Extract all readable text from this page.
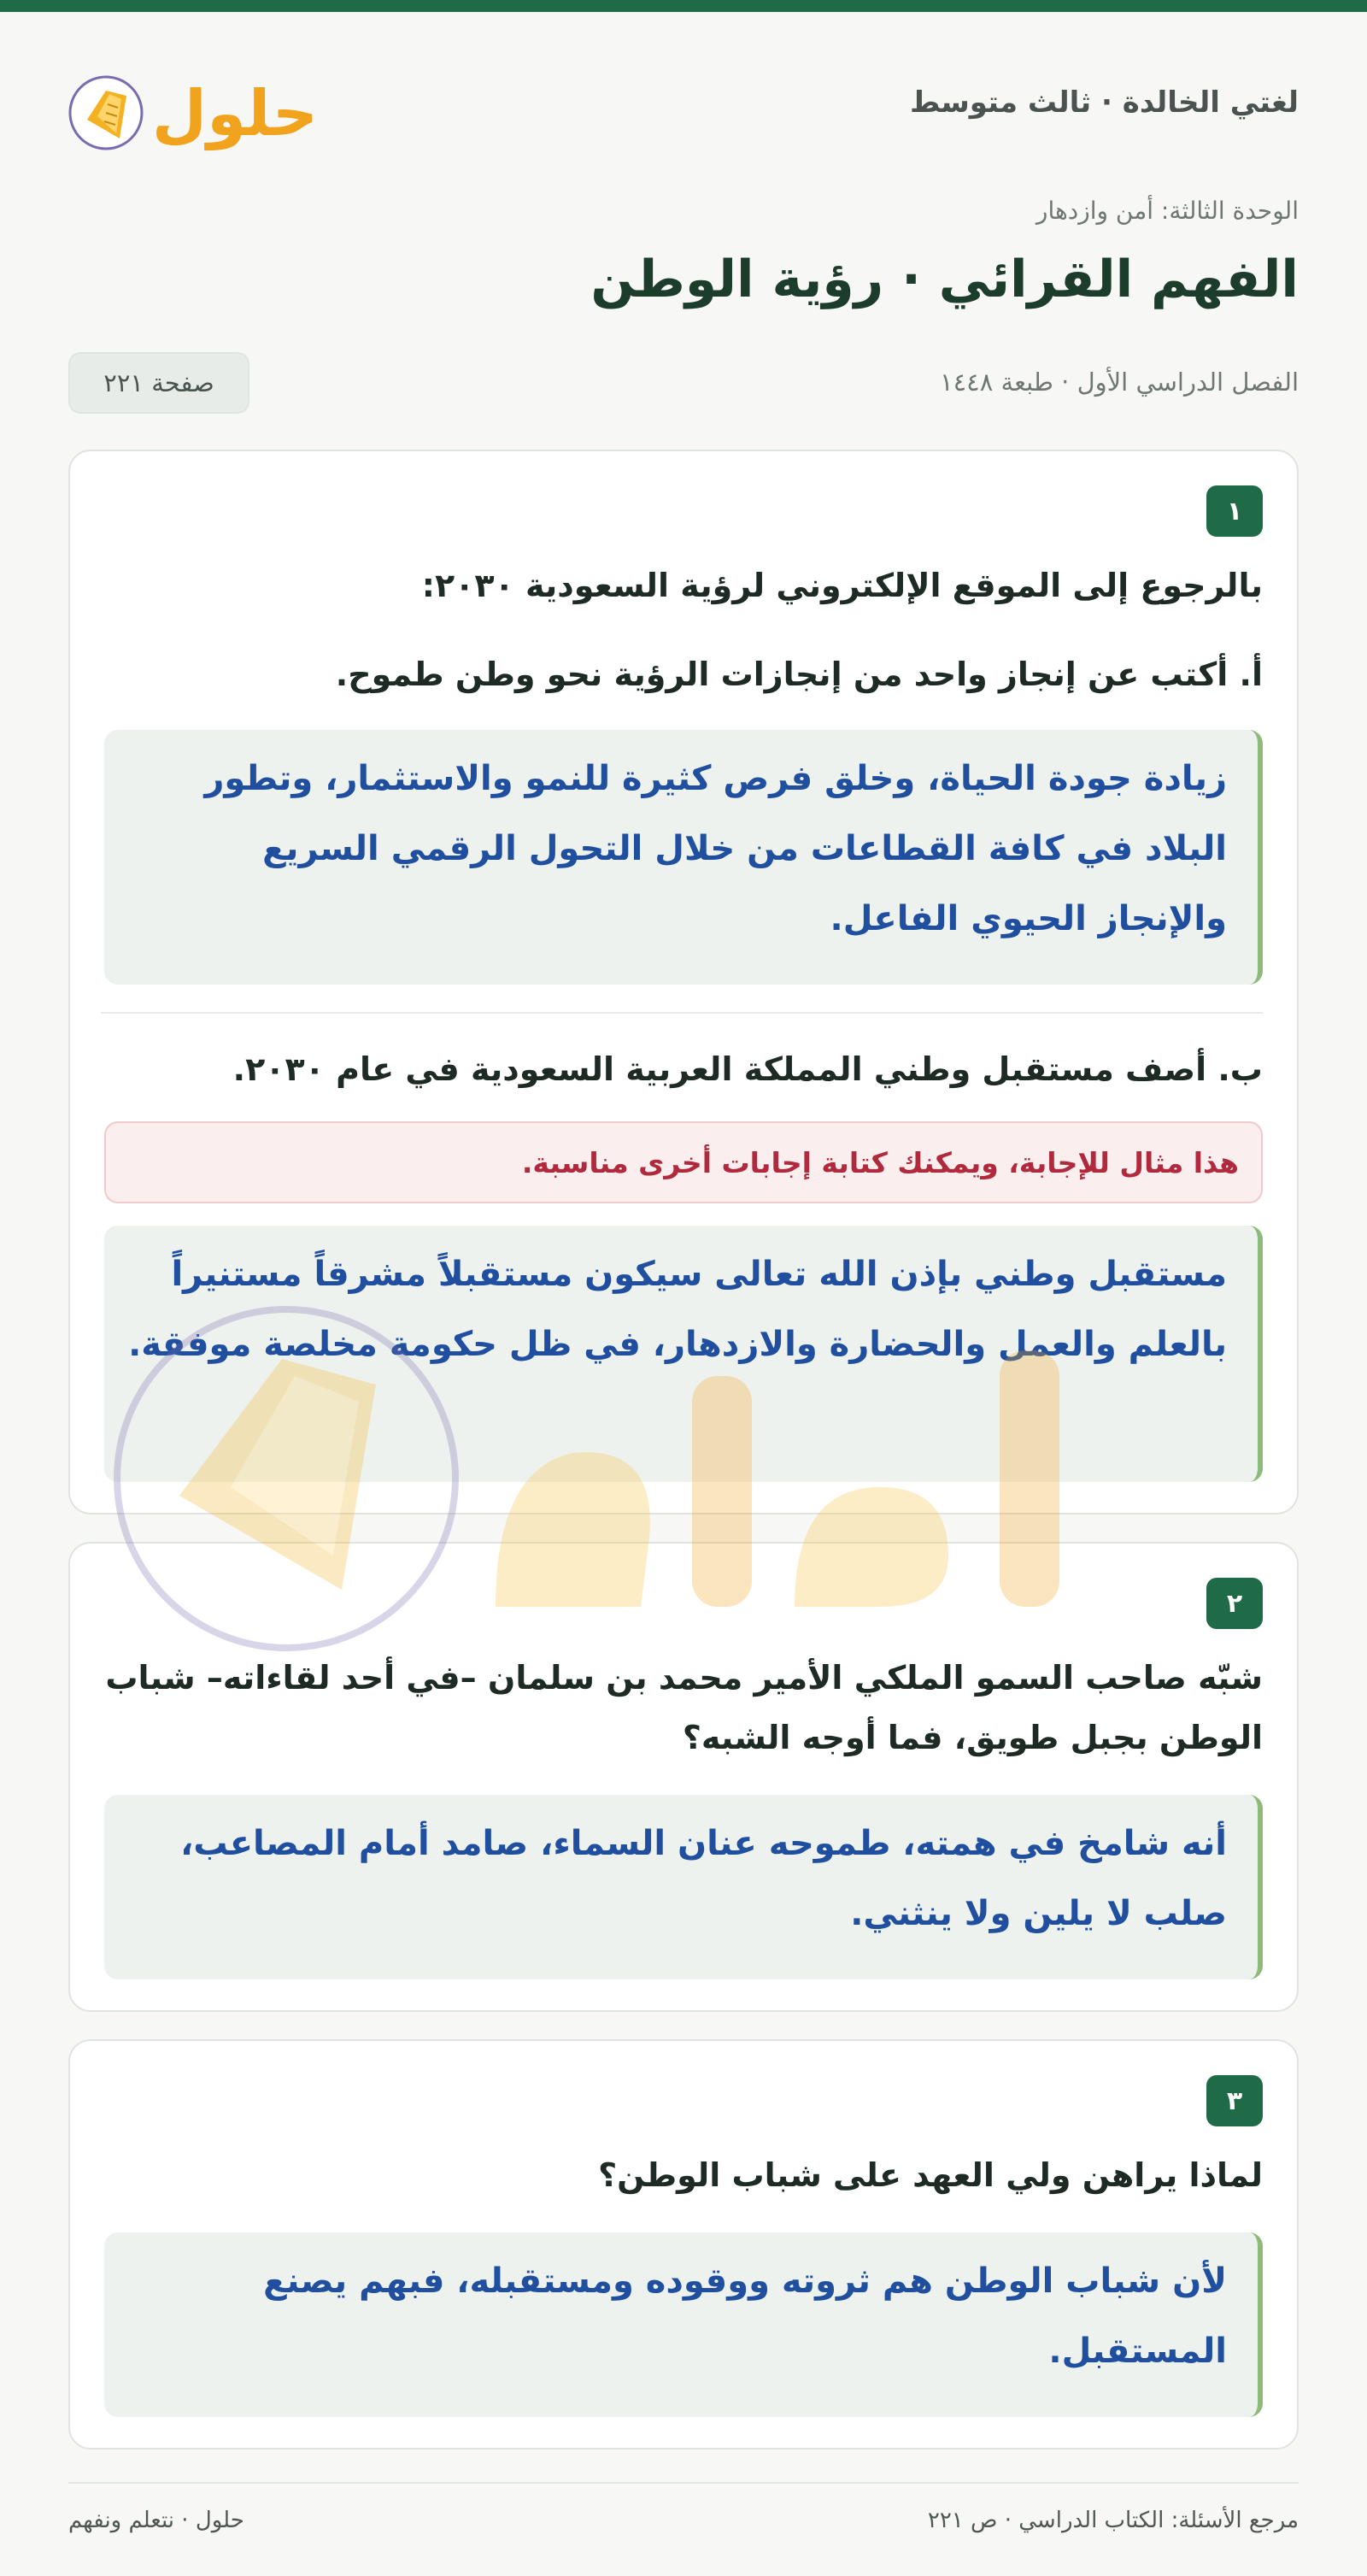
لغتي الخالدة · ثالث متوسط
حلول
الوحدة الثالثة: أمن وازدهار
الفهم القرائي · رؤية الوطن
الفصل الدراسي الأول · طبعة ١٤٤٨
صفحة ٢٢١
١
بالرجوع إلى الموقع الإلكتروني لرؤية السعودية ٢٠٣٠:
أ. أكتب عن إنجاز واحد من إنجازات الرؤية نحو وطن طموح.
زيادة جودة الحياة، وخلق فرص كثيرة للنمو والاستثمار، وتطور البلاد في كافة القطاعات من خلال التحول الرقمي السريع والإنجاز الحيوي الفاعل.
ب. أصف مستقبل وطني المملكة العربية السعودية في عام ٢٠٣٠.
هذا مثال للإجابة، ويمكنك كتابة إجابات أخرى مناسبة.
مستقبل وطني بإذن الله تعالى سيكون مستقبلاً مشرقاً مستنيراً بالعلم والعمل والحضارة والازدهار، في ظل حكومة مخلصة موفقة.
٢
شبّه صاحب السمو الملكي الأمير محمد بن سلمان –في أحد لقاءاته– شباب الوطن بجبل طويق، فما أوجه الشبه؟
أنه شامخ في همته، طموحه عنان السماء، صامد أمام المصاعب، صلب لا يلين ولا ينثني.
٣
لماذا يراهن ولي العهد على شباب الوطن؟
لأن شباب الوطن هم ثروته ووقوده ومستقبله، فبهم يصنع المستقبل.
مرجع الأسئلة: الكتاب الدراسي · ص ٢٢١
حلول · نتعلم ونفهم
